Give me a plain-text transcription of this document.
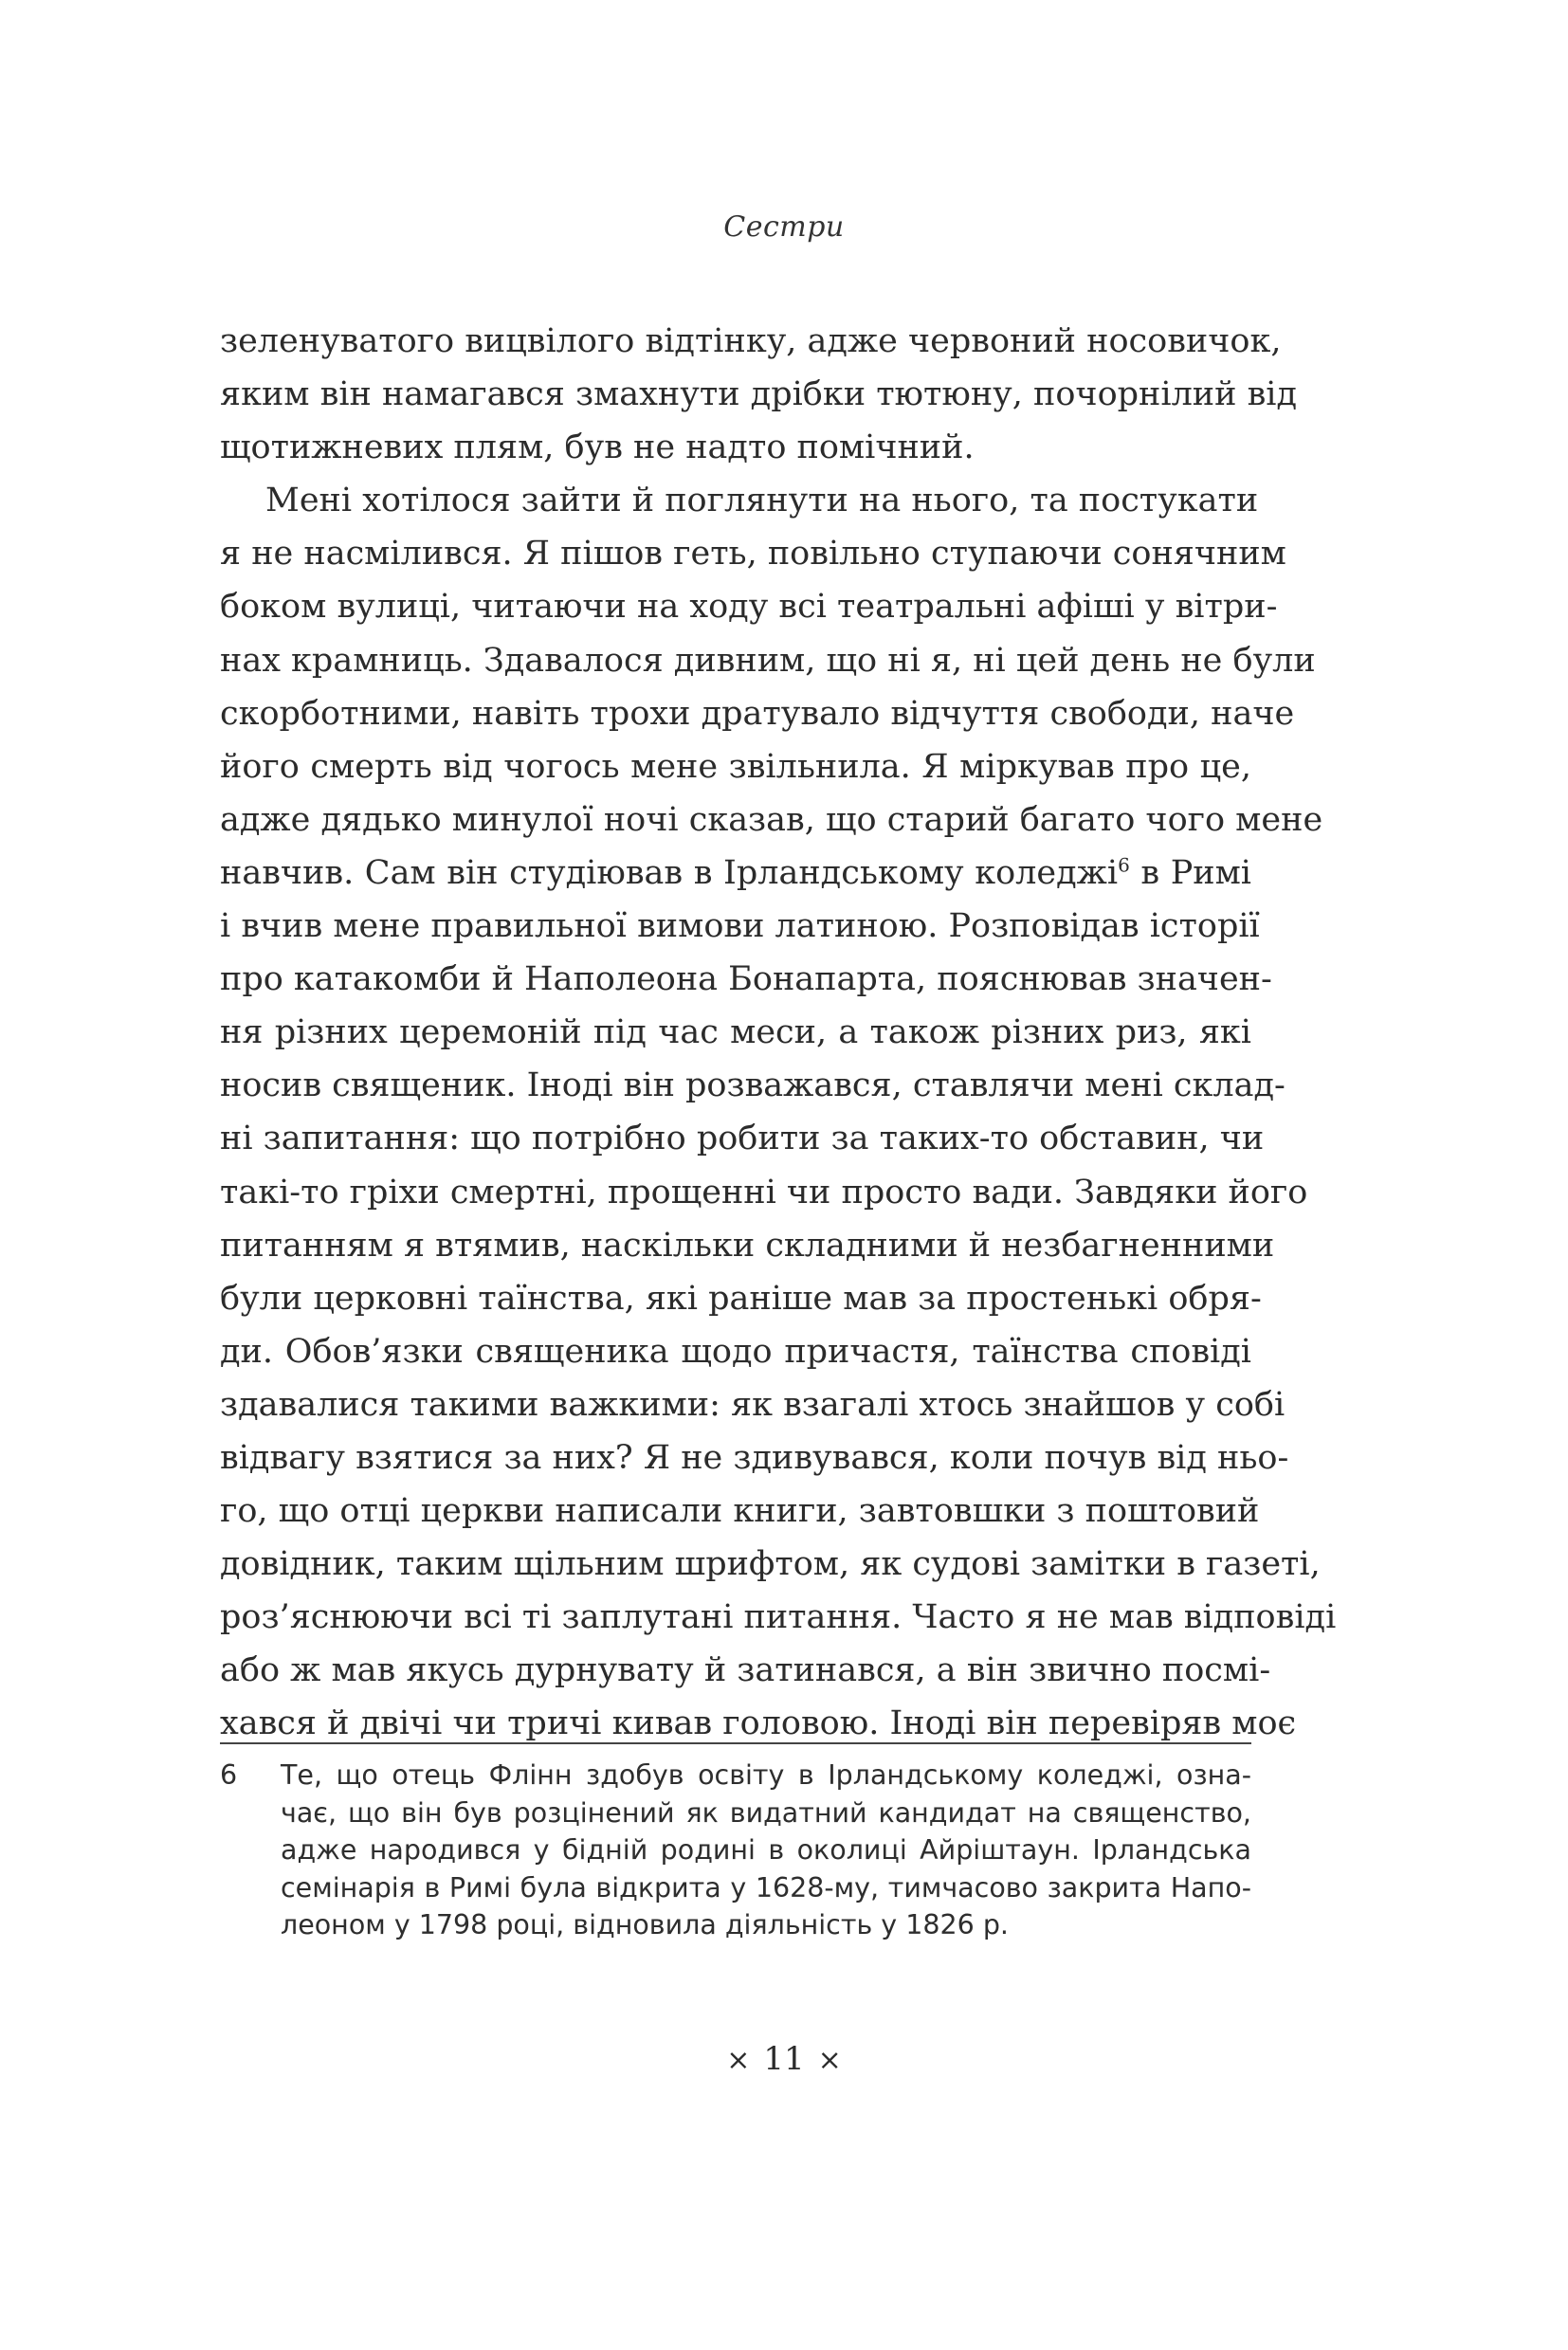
Сестри
зеленуватого вицвілого відтінку, адже червоний носовичок,
яким він намагався змахнути дрібки тютюну, почорнілий від
щотижневих плям, був не надто помічний.
Мені хотілося зайти й поглянути на нього, та постукати
я не насмілився. Я пішов геть, повільно ступаючи сонячним
боком вулиці, читаючи на ходу всі театральні афіші у вітри-
нах крамниць. Здавалося дивним, що ні я, ні цей день не були
скорботними, навіть трохи дратувало відчуття свободи, наче
його смерть від чогось мене звільнила. Я міркував про це,
адже дядько минулої ночі сказав, що старий багато чого мене
навчив. Сам він студіював в Ірландському коледжі$^6$ в Римі
і вчив мене правильної вимови латиною. Розповідав історії
про катакомби й Наполеона Бонапарта, пояснював значен-
ня різних церемоній під час меси, а також різних риз, які
носив священик. Іноді він розважався, ставлячи мені склад-
ні запитання: що потрібно робити за таких-то обставин, чи
такі-то гріхи смертні, прощенні чи просто вади. Завдяки його
питанням я втямив, наскільки складними й незбагненними
були церковні таїнства, які раніше мав за простенькі обря-
ди. Обов’язки священика щодо причастя, таїнства сповіді
здавалися такими важкими: як взагалі хтось знайшов у собі
відвагу взятися за них? Я не здивувався, коли почув від ньо-
го, що отці церкви написали книги, завтовшки з поштовий
довідник, таким щільним шрифтом, як судові замітки в газеті,
роз’яснюючи всі ті заплутані питання. Часто я не мав відповіді
або ж мав якусь дурнувату й затинався, а він звично посмі-
хався й двічі чи тричі кивав головою. Іноді він перевіряв моє
6 Те, що отець Флінн здобув освіту в Ірландському коледжі, озна-
чає, що він був розцінений як видатний кандидат на священство,
адже народився у бідній родині в околиці Айріштаун. Ірландська
семінарія в Римі була відкрита у 1628-му, тимчасово закрита Напо-
леоном у 1798 році, відновила діяльність у 1826 р.
× 11 ×
